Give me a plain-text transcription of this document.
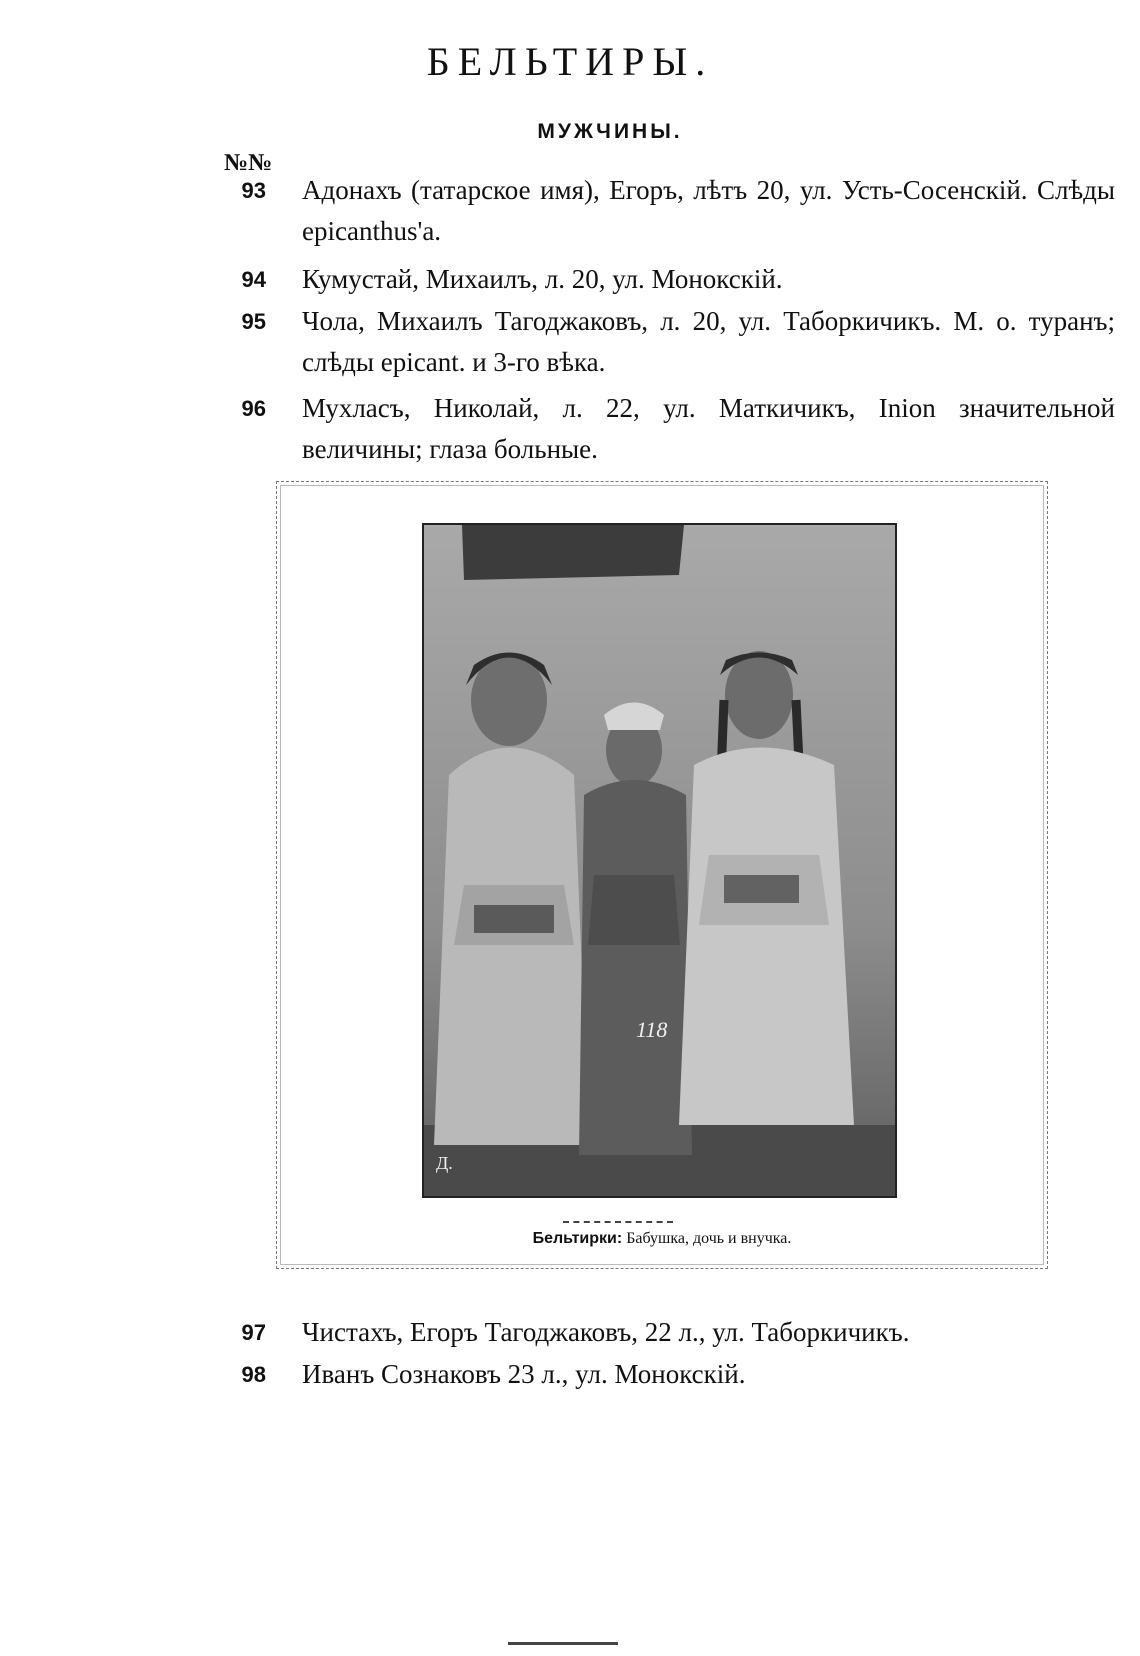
БЕЛЬТИРЫ.
МУЖЧИНЫ.
№№
93 Адонахъ (татарское имя), Егоръ, лѣтъ 20, ул. Усть-Сосенскій. Слѣды epicanthus'a.
94 Кумустай, Михаилъ, л. 20, ул. Монокскій.
95 Чола, Михаилъ Тагоджаковъ, л. 20, ул. Таборкичикъ. М. о. туранъ; слѣды epicant. и 3-го вѣка.
96 Мухласъ, Николай, л. 22, ул. Маткичикъ, Inion значительной величины; глаза больные.
118
Д.
Бельтирки: Бабушка, дочь и внучка.
97 Чистахъ, Егоръ Тагоджаковъ, 22 л., ул. Таборкичикъ.
98 Иванъ Сознаковъ 23 л., ул. Монокскій.
